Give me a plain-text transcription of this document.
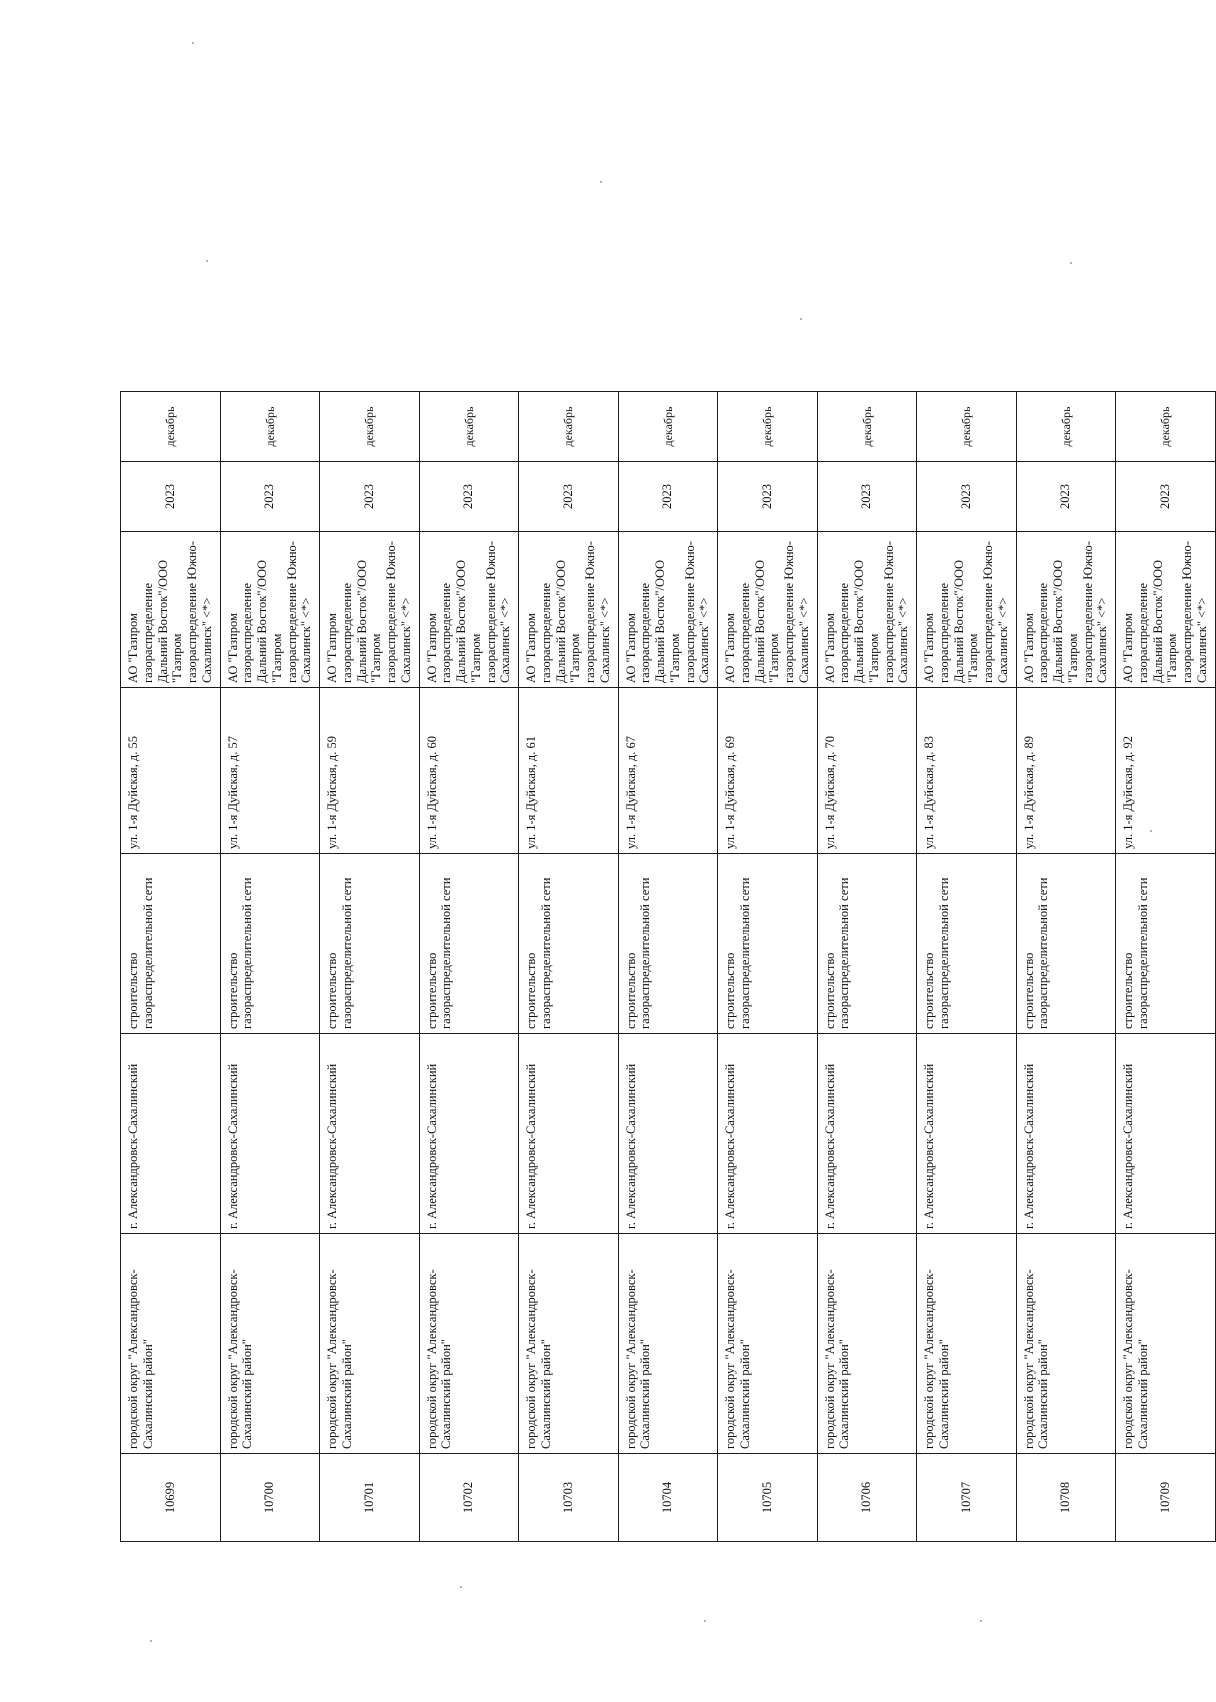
10699	городской округ "Александровск-Сахалинский район"	г. Александровск-Сахалинский	строительство газораспределительной сети	ул. 1-я Дуйская, д. 55	АО "Газпром газораспределение Дальний Восток"/ООО "Газпром газораспределение Южно-Сахалинск" <*>	2023	декабрь
10700	городской округ "Александровск-Сахалинский район"	г. Александровск-Сахалинский	строительство газораспределительной сети	ул. 1-я Дуйская, д. 57	АО "Газпром газораспределение Дальний Восток"/ООО "Газпром газораспределение Южно-Сахалинск" <*>	2023	декабрь
10701	городской округ "Александровск-Сахалинский район"	г. Александровск-Сахалинский	строительство газораспределительной сети	ул. 1-я Дуйская, д. 59	АО "Газпром газораспределение Дальний Восток"/ООО "Газпром газораспределение Южно-Сахалинск" <*>	2023	декабрь
10702	городской округ "Александровск-Сахалинский район"	г. Александровск-Сахалинский	строительство газораспределительной сети	ул. 1-я Дуйская, д. 60	АО "Газпром газораспределение Дальний Восток"/ООО "Газпром газораспределение Южно-Сахалинск" <*>	2023	декабрь
10703	городской округ "Александровск-Сахалинский район"	г. Александровск-Сахалинский	строительство газораспределительной сети	ул. 1-я Дуйская, д. 61	АО "Газпром газораспределение Дальний Восток"/ООО "Газпром газораспределение Южно-Сахалинск" <*>	2023	декабрь
10704	городской округ "Александровск-Сахалинский район"	г. Александровск-Сахалинский	строительство газораспределительной сети	ул. 1-я Дуйская, д. 67	АО "Газпром газораспределение Дальний Восток"/ООО "Газпром газораспределение Южно-Сахалинск" <*>	2023	декабрь
10705	городской округ "Александровск-Сахалинский район"	г. Александровск-Сахалинский	строительство газораспределительной сети	ул. 1-я Дуйская, д. 69	АО "Газпром газораспределение Дальний Восток"/ООО "Газпром газораспределение Южно-Сахалинск" <*>	2023	декабрь
10706	городской округ "Александровск-Сахалинский район"	г. Александровск-Сахалинский	строительство газораспределительной сети	ул. 1-я Дуйская, д. 70	АО "Газпром газораспределение Дальний Восток"/ООО "Газпром газораспределение Южно-Сахалинск" <*>	2023	декабрь
10707	городской округ "Александровск-Сахалинский район"	г. Александровск-Сахалинский	строительство газораспределительной сети	ул. 1-я Дуйская, д. 83	АО "Газпром газораспределение Дальний Восток"/ООО "Газпром газораспределение Южно-Сахалинск" <*>	2023	декабрь
10708	городской округ "Александровск-Сахалинский район"	г. Александровск-Сахалинский	строительство газораспределительной сети	ул. 1-я Дуйская, д. 89	АО "Газпром газораспределение Дальний Восток"/ООО "Газпром газораспределение Южно-Сахалинск" <*>	2023	декабрь
10709	городской округ "Александровск-Сахалинский район"	г. Александровск-Сахалинский	строительство газораспределительной сети	ул. 1-я Дуйская, д. 92	АО "Газпром газораспределение Дальний Восток"/ООО "Газпром газораспределение Южно-Сахалинск" <*>	2023	декабрь
